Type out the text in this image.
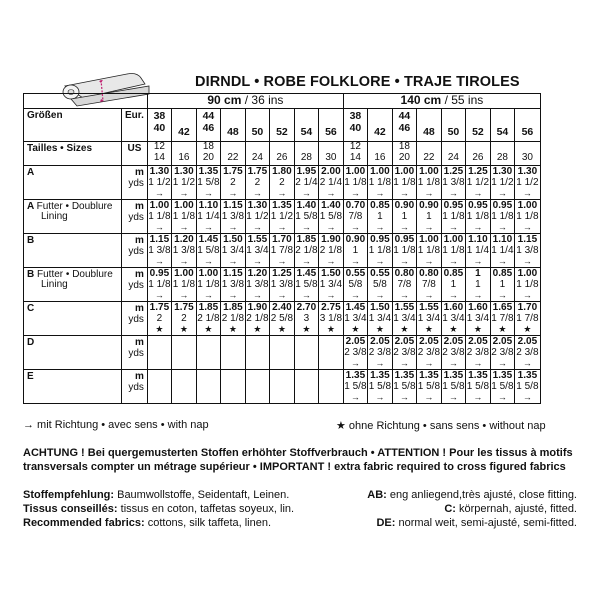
DIRNDL • ROBE FOLKLORE • TRAJE TIROLES
		90 cm / 36 ins								140 cm / 55 ins							
Größen	Eur.	38
40	42	44
46	48	50	52	54	56	38
40	42	44
46	48	50	52	54	56

Tailles • Sizes	US	12
14	16	18
20	22	24	26	28	30	12
14	16	18
20	22	24	26	28	30

A	m
yds	1.30
1 1/2
→	1.30
1 1/2
→	1.35
1 5/8
→	1.75
2
→	1.75
2
→	1.80
2
→	1.95
2 1/4
→	2.00
2 1/4
→	1.00
1 1/8
→	1.00
1 1/8
→	1.00
1 1/8
→	1.00
1 1/8
→	1.25
1 3/8
→	1.25
1 1/2
→	1.30
1 1/2
→	1.30
1 1/2
→

A Futter • Doublure
Lining	m
yds	1.00
1 1/8
→	1.00
1 1/8
→	1.10
1 1/4
→	1.15
1 3/8
→	1.30
1 1/2
→	1.35
1 1/2
→	1.40
1 5/8
→	1.40
1 5/8
→	0.70
7/8
→	0.85
1
→	0.90
1
→	0.90
1
→	0.95
1 1/8
→	0.95
1 1/8
→	0.95
1 1/8
→	1.00
1 1/8
→

B	m
yds	1.15
1 3/8
→	1.20
1 3/8
→	1.45
1 5/8
→	1.50
1 3/4
→	1.55
1 3/4
→	1.70
1 7/8
→	1.85
2 1/8
→	1.90
2 1/8
→	0.90
1
→	0.95
1 1/8
→	0.95
1 1/8
→	1.00
1 1/8
→	1.00
1 1/8
→	1.10
1 1/4
→	1.10
1 1/4
→	1.15
1 3/8
→

B Futter • Doublure
Lining	m
yds	0.95
1 1/8
→	1.00
1 1/8
→	1.00
1 1/8
→	1.15
1 3/8
→	1.20
1 3/8
→	1.25
1 3/8
→	1.45
1 5/8
→	1.50
1 3/4
→	0.55
5/8
→	0.55
5/8
→	0.80
7/8
→	0.80
7/8
→	0.85
1
→	1
1
→	0.85
1
→	1.00
1 1/8
→

C	m
yds	1.75
2
★	1.75
2
★	1.85
2 1/8
★	1.85
2 1/8
★	1.90
2 1/8
★	2.40
2 5/8
★	2.70
3
★	2.75
3 1/8
★	1.45
1 3/4
★	1.50
1 3/4
★	1.55
1 3/4
★	1.55
1 3/4
★	1.60
1 3/4
★	1.60
1 3/4
★	1.65
1 7/8
★	1.70
1 7/8
★

D	m
yds									2.05
2 3/8
→	2.05
2 3/8
→	2.05
2 3/8
→	2.05
2 3/8
→	2.05
2 3/8
→	2.05
2 3/8
→	2.05
2 3/8
→	2.05
2 3/8
→

E	m
yds									1.35
1 5/8
→	1.35
1 5/8
→	1.35
1 5/8
→	1.35
1 5/8
→	1.35
1 5/8
→	1.35
1 5/8
→	1.35
1 5/8
→	1.35
1 5/8
→
→ mit Richtung • avec sens • with nap	★ ohne Richtung • sans sens • without nap
ACHTUNG ! Bei quergemusterten Stoffen erhöhter Stoffverbrauch • ATTENTION ! Pour les tissus à motifs
transversals compter un métrage supérieur • IMPORTANT ! extra fabric required to cross figured fabrics
Stoffempfehlung: Baumwollstoffe, Seidentaft, Leinen.
Tissus conseillés: tissus en coton, taffetas soyeux, lin.
Recommended fabrics: cottons, silk taffeta, linen.
AB: eng anliegend,très ajusté, close fitting.
C: körpernah, ajusté, fitted.
DE: normal weit, semi-ajusté, semi-fitted.
